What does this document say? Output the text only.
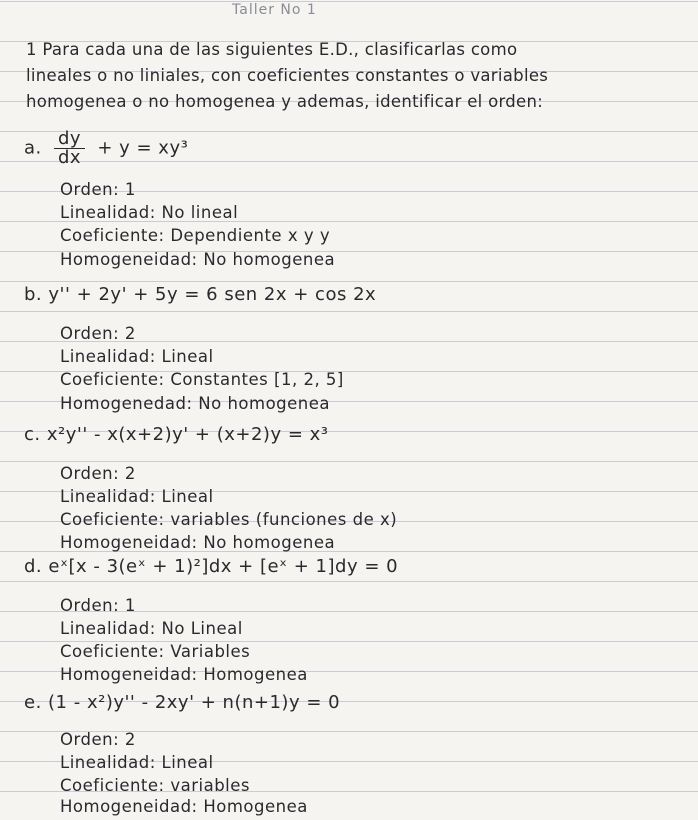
Taller No 1
1 Para cada una de las siguientes E.D., clasificarlas como
lineales o no liniales, con coeficientes constantes o variables
homogenea o no homogenea y ademas, identificar el orden:
a. $\frac{dy}{dx} + y = xy^3$
Orden: 1
Linealidad: No lineal
Coeficiente: Dependiente x y y
Homogeneidad: No homogenea
b. y'' + 2y' + 5y = 6 sen 2x + cos 2x
Orden: 2
Linealidad: Lineal
Coeficiente: Constantes [1, 2, 5]
Homogenedad: No homogenea
c. x²y'' - x(x+2)y' + (x+2)y = x³
Orden: 2
Linealidad: Lineal
Coeficiente: variables (funciones de x)
Homogeneidad: No homogenea
d. eˣ[x - 3(eˣ + 1)²]dx + [eˣ + 1]dy = 0
Orden: 1
Linealidad: No Lineal
Coeficiente: Variables
Homogeneidad: Homogenea
e. (1 - x²)y'' - 2xy' + n(n+1)y = 0
Orden: 2
Linealidad: Lineal
Coeficiente: variables
Homogeneidad: Homogenea
